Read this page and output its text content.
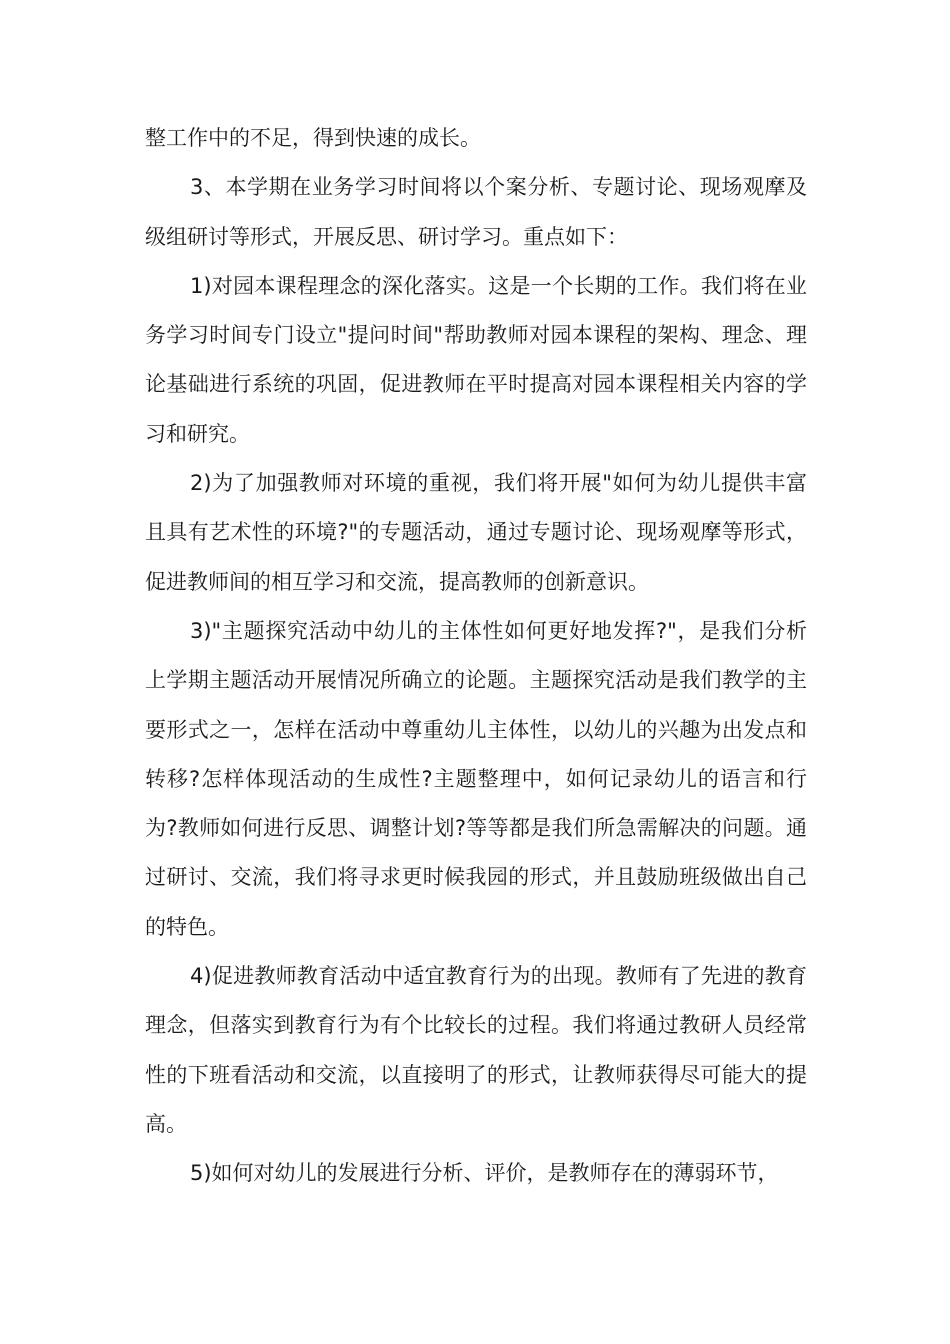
整工作中的不足，得到快速的成长。

3、本学期在业务学习时间将以个案分析、专题讨论、现场观摩及级组研讨等形式，开展反思、研讨学习。重点如下：

1)对园本课程理念的深化落实。这是一个长期的工作。我们将在业务学习时间专门设立"提问时间"帮助教师对园本课程的架构、理念、理论基础进行系统的巩固，促进教师在平时提高对园本课程相关内容的学习和研究。

2)为了加强教师对环境的重视，我们将开展"如何为幼儿提供丰富且具有艺术性的环境?"的专题活动，通过专题讨论、现场观摩等形式，促进教师间的相互学习和交流，提高教师的创新意识。

3)"主题探究活动中幼儿的主体性如何更好地发挥?"，是我们分析上学期主题活动开展情况所确立的论题。主题探究活动是我们教学的主要形式之一，怎样在活动中尊重幼儿主体性，以幼儿的兴趣为出发点和转移?怎样体现活动的生成性?主题整理中，如何记录幼儿的语言和行为?教师如何进行反思、调整计划?等等都是我们所急需解决的问题。通过研讨、交流，我们将寻求更时候我园的形式，并且鼓励班级做出自己的特色。

4)促进教师教育活动中适宜教育行为的出现。教师有了先进的教育理念，但落实到教育行为有个比较长的过程。我们将通过教研人员经常性的下班看活动和交流，以直接明了的形式，让教师获得尽可能大的提高。

5)如何对幼儿的发展进行分析、评价，是教师存在的薄弱环节，
